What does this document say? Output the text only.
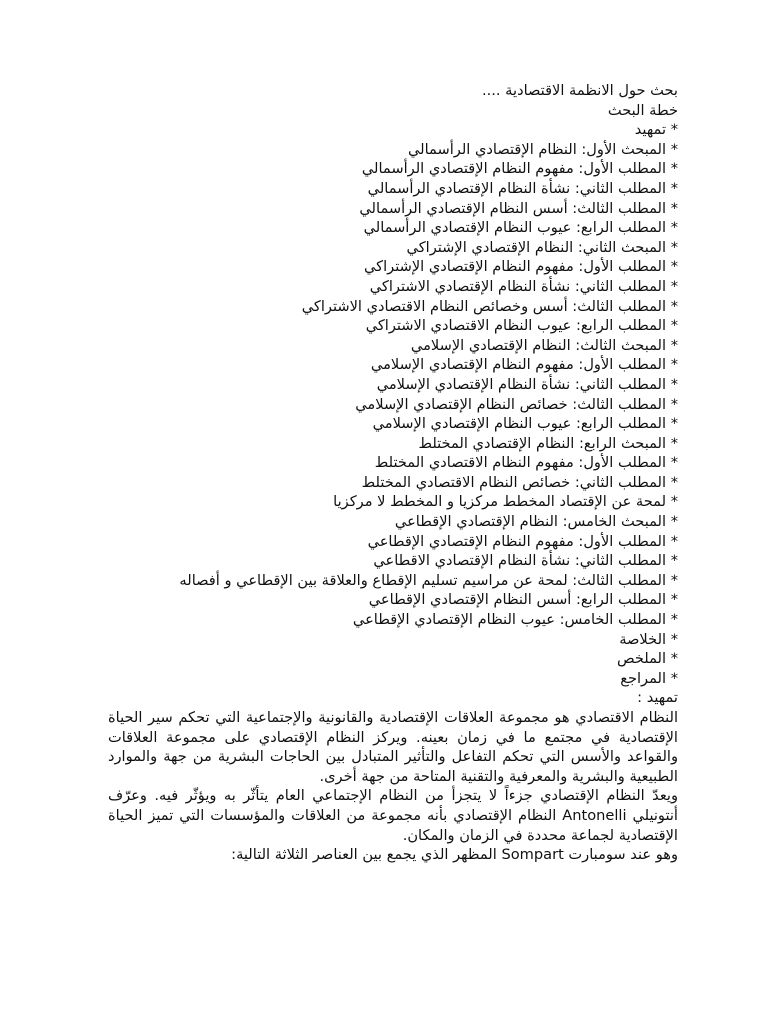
بحث حول الانظمة الاقتصادية ....

خطة البحث

* تمهيد

* المبحث الأول: النظام الإقتصادي الرأسمالي

* المطلب الأول: مفهوم النظام الإقتصادي الرأسمالي

* المطلب الثاني: نشأة النظام الإقتصادي الرأسمالي

* المطلب الثالث: أسس النظام الإقتصادي الرأسمالي

* المطلب الرابع: عيوب النظام الإقتصادي الرأسمالي

* المبحث الثاني: النظام الإقتصادي الإشتراكي

* المطلب الأول: مفهوم النظام الإقتصادي الإشتراكي

* المطلب الثاني: نشأة النظام الإقتصادي الاشتراكي

* المطلب الثالث: أسس وخصائص النظام الاقتصادي الاشتراكي

* المطلب الرابع: عيوب النظام الاقتصادي الاشتراكي

* المبحث الثالث: النظام الإقتصادي الإسلامي

* المطلب الأول: مفهوم النظام الإقتصادي الإسلامي

* المطلب الثاني: نشأة النظام الإقتصادي الإسلامي

* المطلب الثالث: خصائص النظام الإقتصادي الإسلامي

* المطلب الرابع: عيوب النظام الإقتصادي الإسلامي

* المبحث الرابع: النظام الإقتصادي المختلط

* المطلب الأول: مفهوم النظام الاقتصادي المختلط

* المطلب الثاني: خصائص النظام الاقتصادي المختلط

* لمحة عن الإقتصاد المخطط مركزيا و المخطط لا مركزيا

* المبحث الخامس: النظام الإقتصادي الإقطاعي

* المطلب الأول: مفهوم النظام الإقتصادي الإقطاعي

* المطلب الثاني: نشأة النظام الإقتصادي الاقطاعي

* المطلب الثالث: لمحة عن مراسيم تسليم الإقطاع والعلاقة بين الإقطاعي و أفصاله

* المطلب الرابع: أسس النظام الإقتصادي الإقطاعي

* المطلب الخامس: عيوب النظام الإقتصادي الإقطاعي

* الخلاصة

* الملخص

* المراجع

تمهيد :

النظام الاقتصادي هو مجموعة العلاقات الإقتصادية والقانونية والإجتماعية التي تحكم سير الحياة الإقتصادية في مجتمع ما في زمان بعينه. ويركز النظام الإقتصادي على مجموعة العلاقات والقواعد والأسس التي تحكم التفاعل والتأثير المتبادل بين الحاجات البشرية من جهة والموارد الطبيعية والبشرية والمعرفية والتقنية المتاحة من جهة أخرى.

ويعدّ النظام الإقتصادي جزءاً لا يتجزأ من النظام الإجتماعي العام يتأثّر به ويؤثّر فيه. وعرّف أنتونيلي Antonelli النظام الإقتصادي بأنه مجموعة من العلاقات والمؤسسات التي تميز الحياة الإقتصادية لجماعة محددة في الزمان والمكان.

وهو عند سومبارت Sompart المظهر الذي يجمع بين العناصر الثلاثة التالية:
